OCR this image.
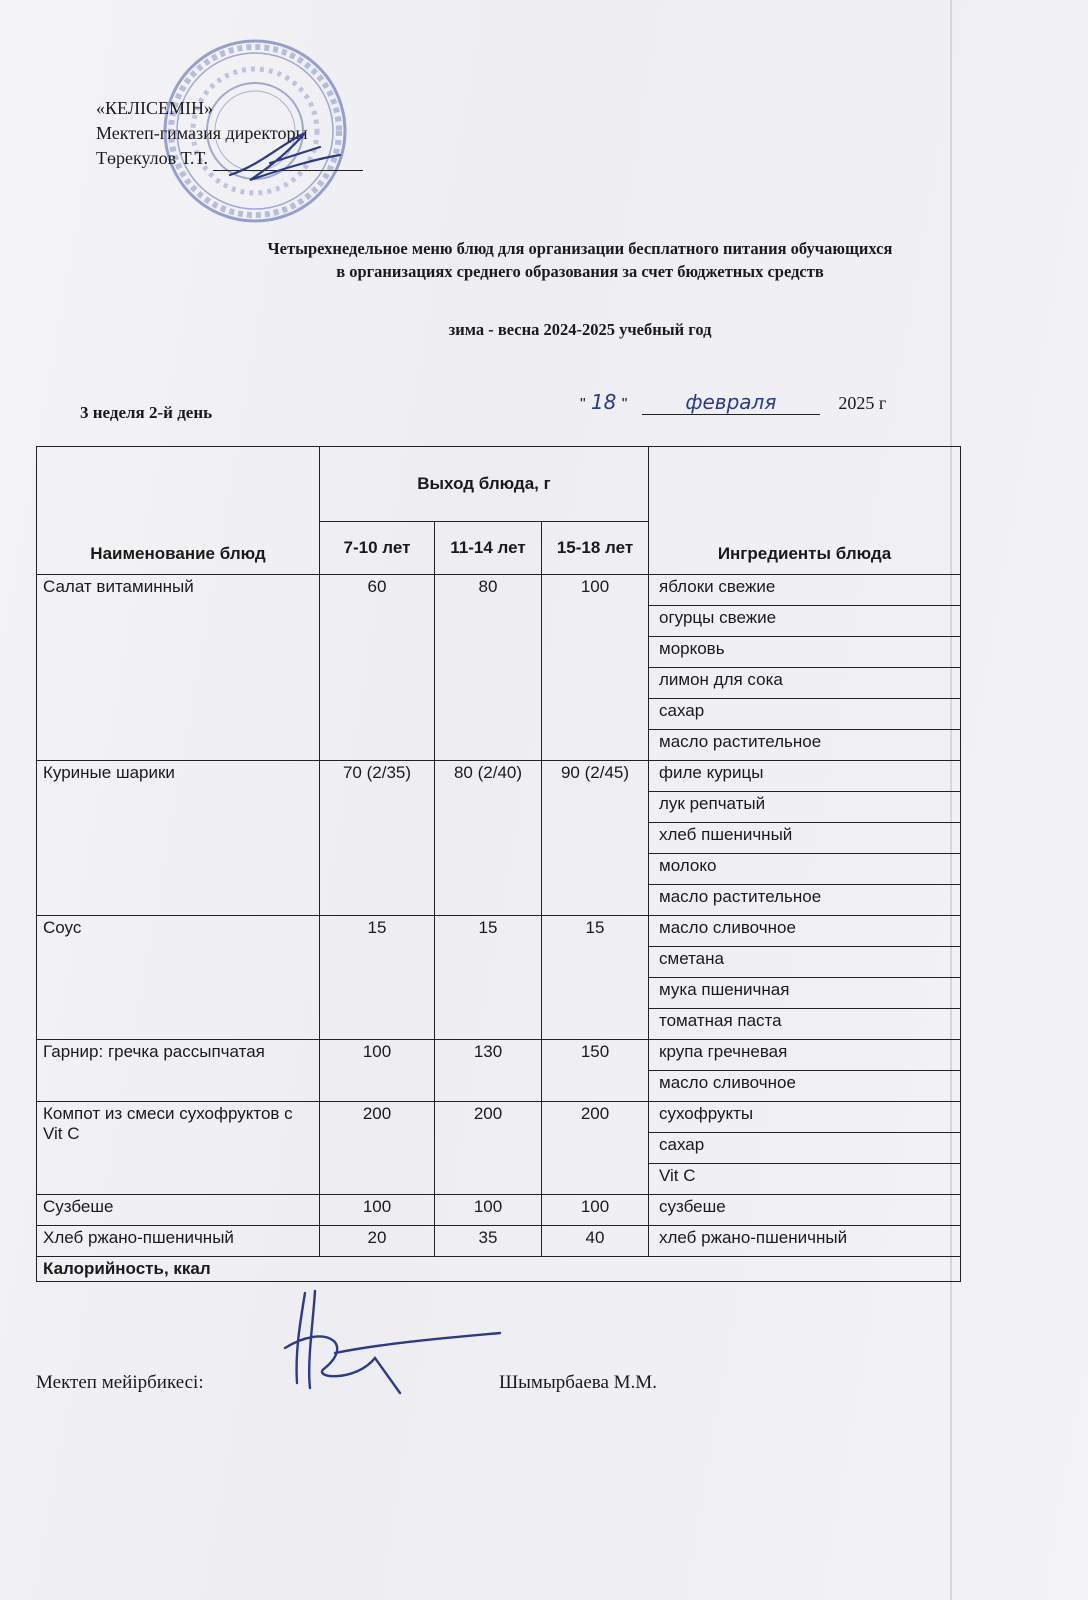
«КЕЛІСЕМІН»
Мектеп-гимазия директоры
Төрекулов Т.Т.
Четырехнедельное меню блюд для организации бесплатного питания обучающихся
в организациях среднего образования за счет бюджетных средств
зима - весна 2024-2025 учебный год
3 неделя 2-й день	" 18 "	февраля	2025 г
Наименование блюд	Выход блюда, г			Ингредиенты блюда
	7-10 лет	11-14 лет	15-18 лет	
Салат витаминный	60	80	100	яблоки свежие
				огурцы свежие
				морковь
				лимон для сока
				сахар
				масло растительное
Куриные шарики	70 (2/35)	80 (2/40)	90 (2/45)	филе курицы
				лук репчатый
				хлеб пшеничный
				молоко
				масло растительное
Соус	15	15	15	масло сливочное
				сметана
				мука пшеничная
				томатная паста
Гарнир: гречка рассыпчатая	100	130	150	крупа гречневая
				масло сливочное
Компот из смеси сухофруктов с Vit C	200	200	200	сухофрукты
				сахар
				Vit C
Сузбеше	100	100	100	сузбеше
Хлеб ржано-пшеничный	20	35	40	хлеб ржано-пшеничный
Калорийность, ккал				
Мектеп мейірбикесі:	Шымырбаева М.М.
